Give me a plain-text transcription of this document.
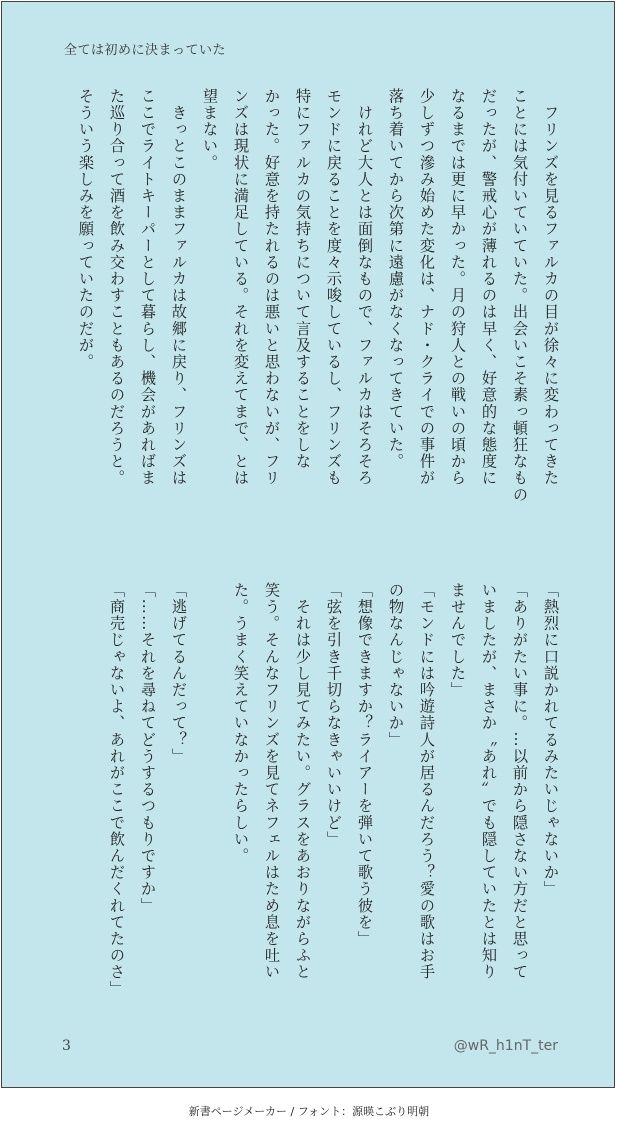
全ては初めに決まっていた

　フリンズを見るファルカの目が徐々に変わってきた

ことには気付いていていた。出会いこそ素っ頓狂なもの

だったが、警戒心が薄れるのは早く、好意的な態度に

なるまでは更に早かった。月の狩人との戦いの頃から

少しずつ滲み始めた変化は、ナド・クライでの事件が

落ち着いてから次第に遠慮がなくなってきていた。

　けれど大人とは面倒なもので、ファルカはそろそろ

モンドに戻ることを度々示唆しているし、フリンズも

特にファルカの気持ちについて言及することをしな

かった。好意を持たれるのは悪いと思わないが、フリ

ンズは現状に満足している。それを変えてまで、とは

望まない。

　きっとこのままファルカは故郷に戻り、フリンズは

ここでライトキーパーとして暮らし、機会があればま

た巡り合って酒を飲み交わすこともあるのだろうと。

そういう楽しみを願っていたのだが。

「熱烈に口説かれてるみたいじゃないか」

「ありがたい事に。…以前から隠さない方だと思って

いましたが、まさか〝あれ〟でも隠していたとは知り

ませんでした」

「モンドには吟遊詩人が居るんだろう？愛の歌はお手

の物なんじゃないか」

「想像できますか？ライアーを弾いて歌う彼を」

「弦を引き千切らなきゃいいけど」

　それは少し見てみたい。グラスをあおりながらふと

笑う。そんなフリンズを見てネフェルはため息を吐い

た。うまく笑えていなかったらしい。

「逃げてるんだって？」

「……それを尋ねてどうするつもりですか」

「商売じゃないよ、あれがここで飲んだくれてたのさ」

3	@wR_h1nT_ter
新書ページメーカー / フォント：源暎こぶり明朝
